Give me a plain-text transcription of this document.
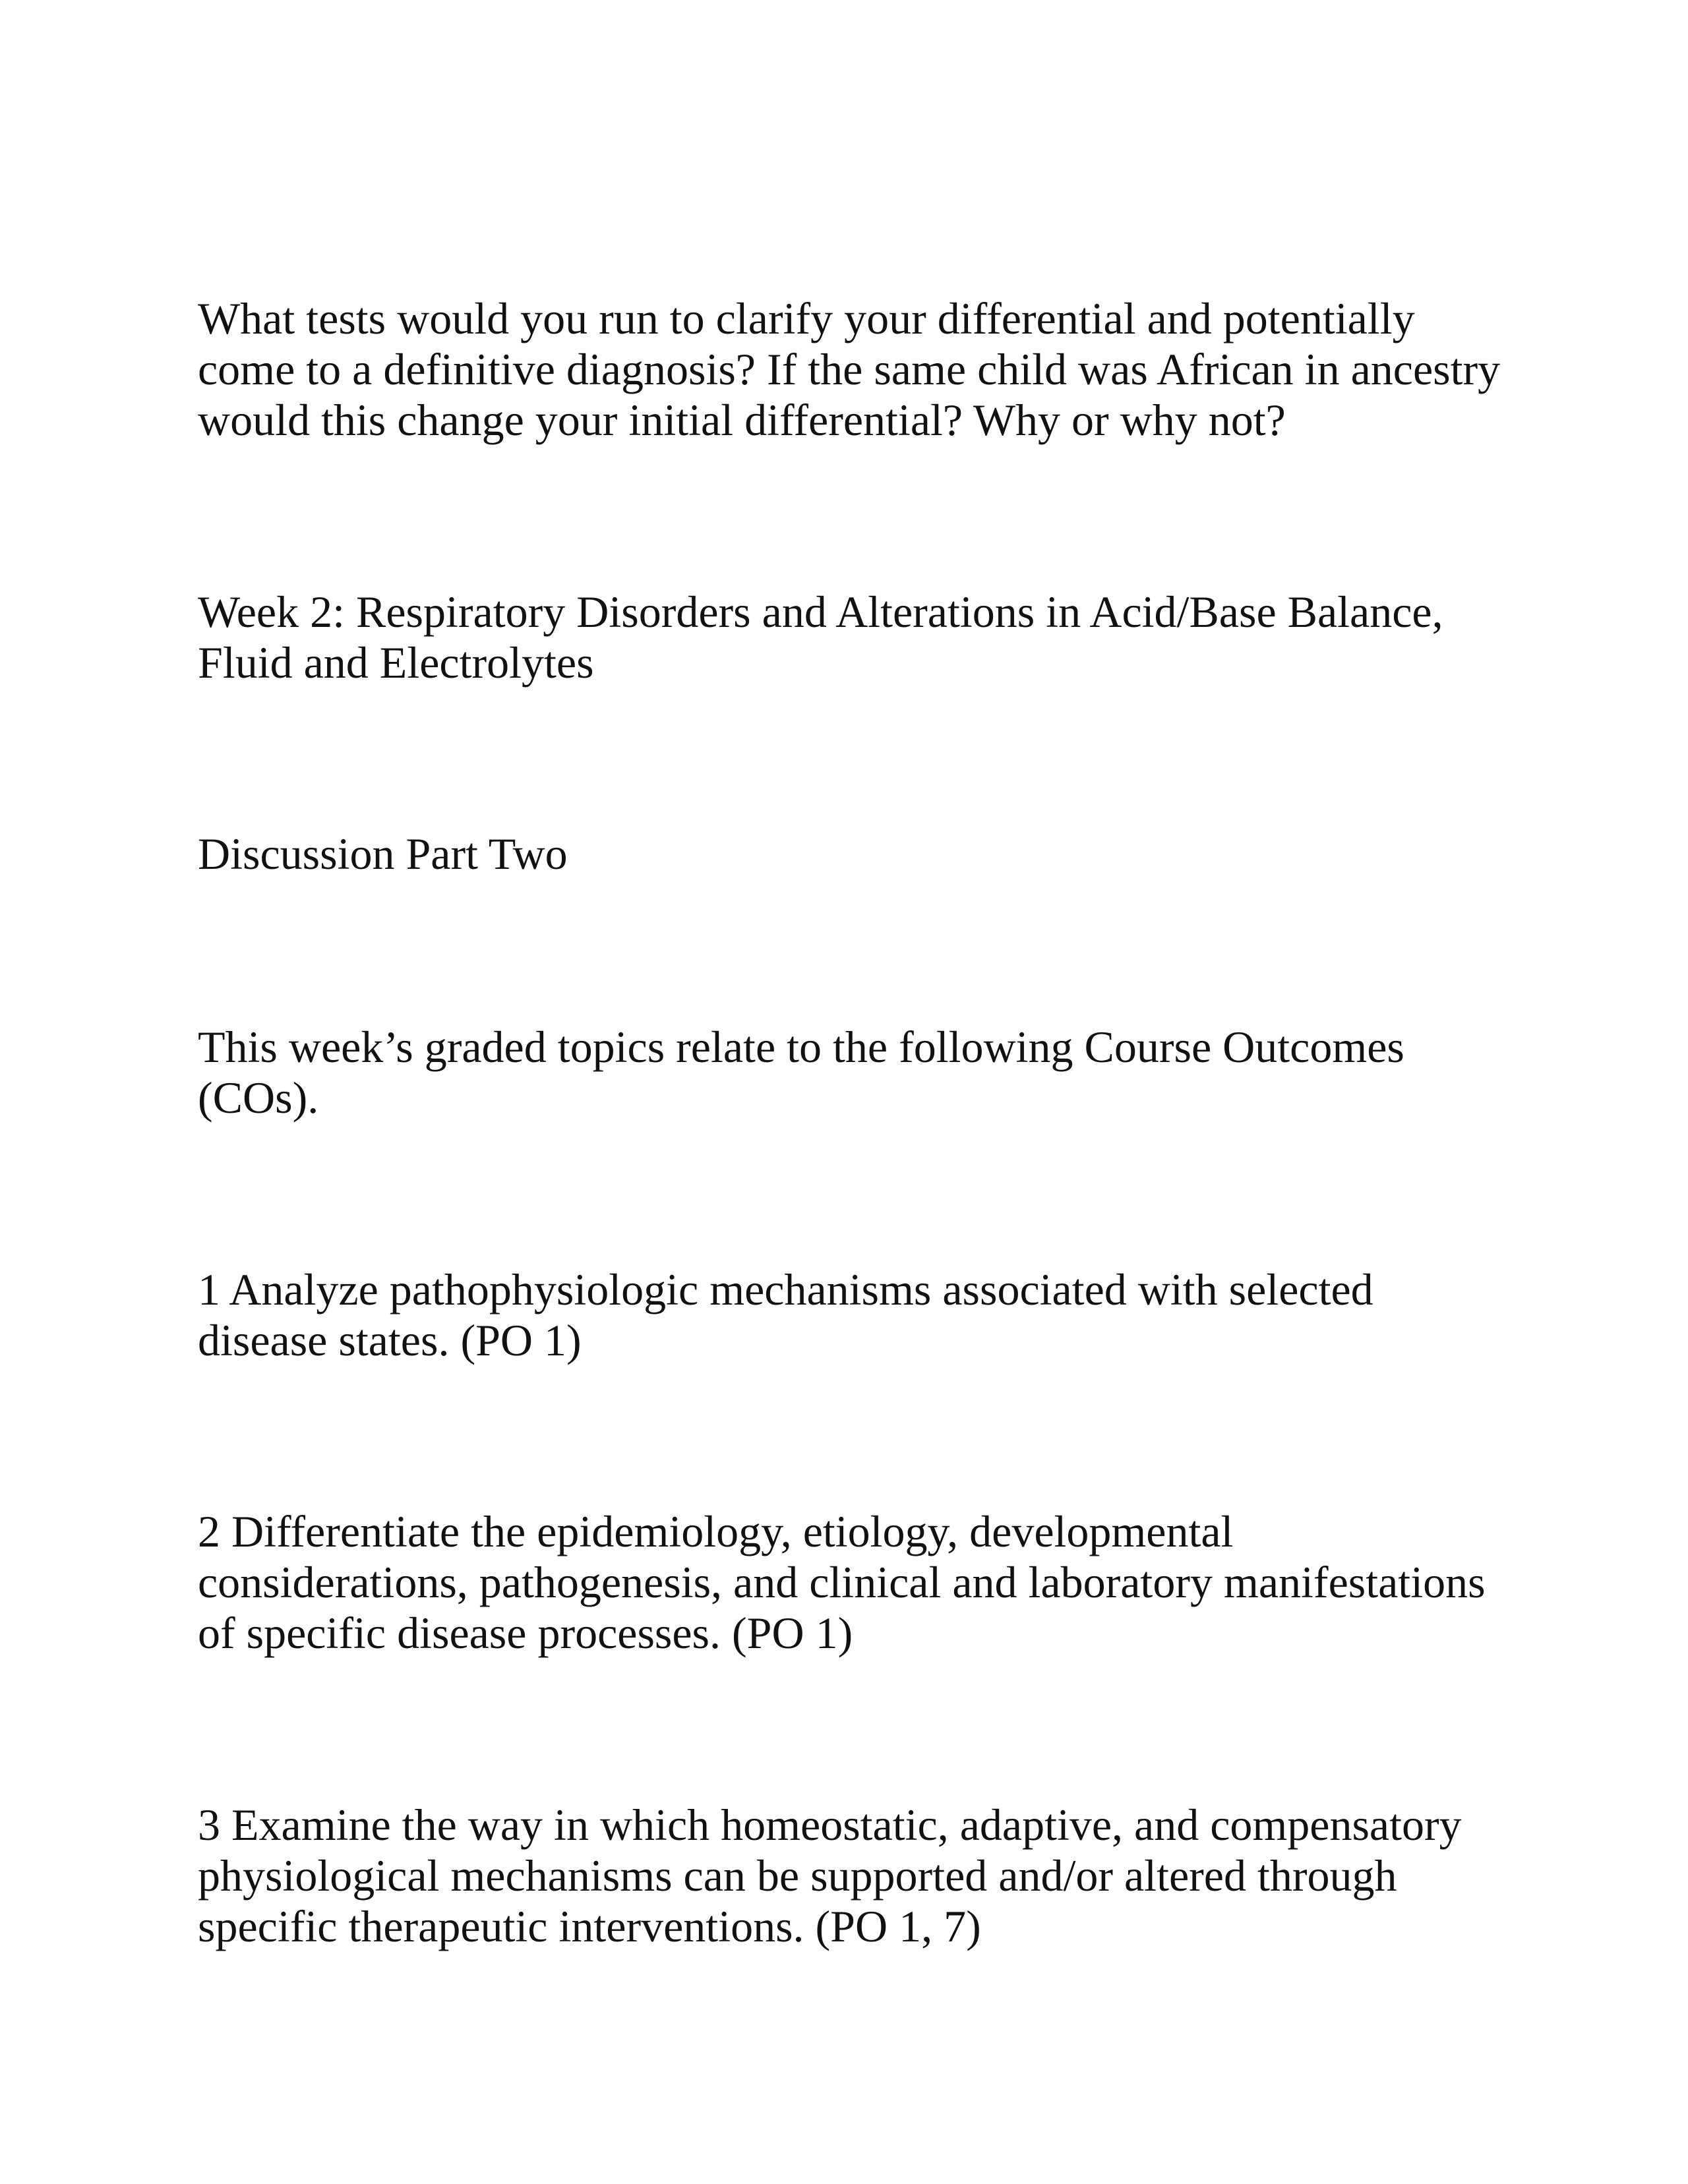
What tests would you run to clarify your differential and potentially
come to a definitive diagnosis? If the same child was African in ancestry
would this change your initial differential? Why or why not?

Week 2: Respiratory Disorders and Alterations in Acid/Base Balance,
Fluid and Electrolytes

Discussion Part Two

This week’s graded topics relate to the following Course Outcomes
(COs).

1 Analyze pathophysiologic mechanisms associated with selected
disease states. (PO 1)

2 Differentiate the epidemiology, etiology, developmental
considerations, pathogenesis, and clinical and laboratory manifestations
of specific disease processes. (PO 1)

3 Examine the way in which homeostatic, adaptive, and compensatory
physiological mechanisms can be supported and/or altered through
specific therapeutic interventions. (PO 1, 7)
